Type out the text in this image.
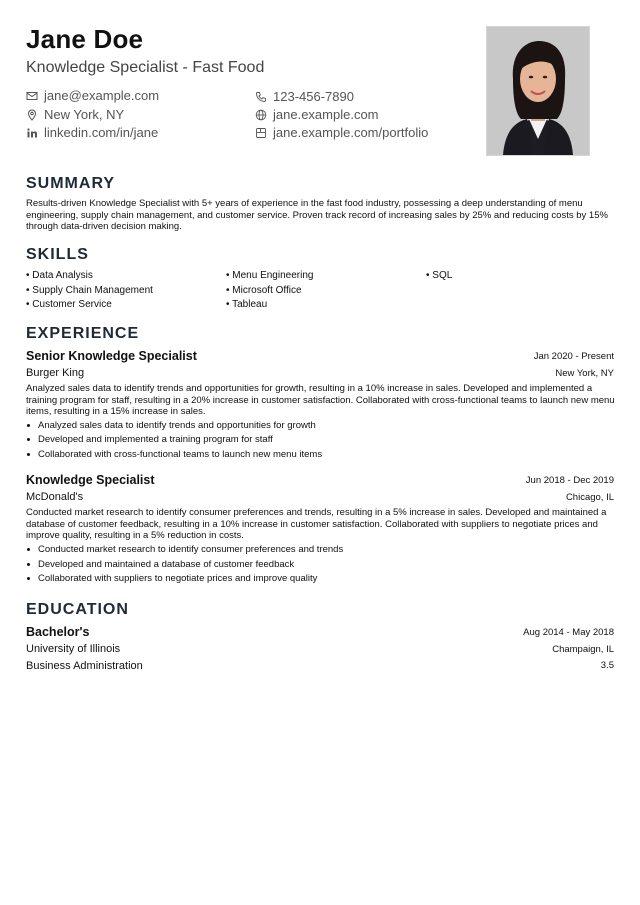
Jane Doe
Knowledge Specialist - Fast Food
jane@example.com
New York, NY
linkedin.com/in/jane
123-456-7890
jane.example.com
jane.example.com/portfolio
SUMMARY
Results-driven Knowledge Specialist with 5+ years of experience in the fast food industry, possessing a deep understanding of menu engineering, supply chain management, and customer service. Proven track record of increasing sales by 25% and reducing costs by 15% through data-driven decision making.
SKILLS
• Data Analysis
• Supply Chain Management
• Customer Service
• Menu Engineering
• Microsoft Office
• Tableau
• SQL
EXPERIENCE
Senior Knowledge Specialist	Jan 2020 - Present
Burger King	New York, NY
Analyzed sales data to identify trends and opportunities for growth, resulting in a 10% increase in sales. Developed and implemented a training program for staff, resulting in a 20% increase in customer satisfaction. Collaborated with cross-functional teams to launch new menu items, resulting in a 15% increase in sales.
Analyzed sales data to identify trends and opportunities for growth
Developed and implemented a training program for staff
Collaborated with cross-functional teams to launch new menu items
Knowledge Specialist	Jun 2018 - Dec 2019
McDonald's	Chicago, IL
Conducted market research to identify consumer preferences and trends, resulting in a 5% increase in sales. Developed and maintained a database of customer feedback, resulting in a 10% increase in customer satisfaction. Collaborated with suppliers to negotiate prices and improve quality, resulting in a 5% reduction in costs.
Conducted market research to identify consumer preferences and trends
Developed and maintained a database of customer feedback
Collaborated with suppliers to negotiate prices and improve quality
EDUCATION
Bachelor's	Aug 2014 - May 2018
University of Illinois	Champaign, IL
Business Administration	3.5
